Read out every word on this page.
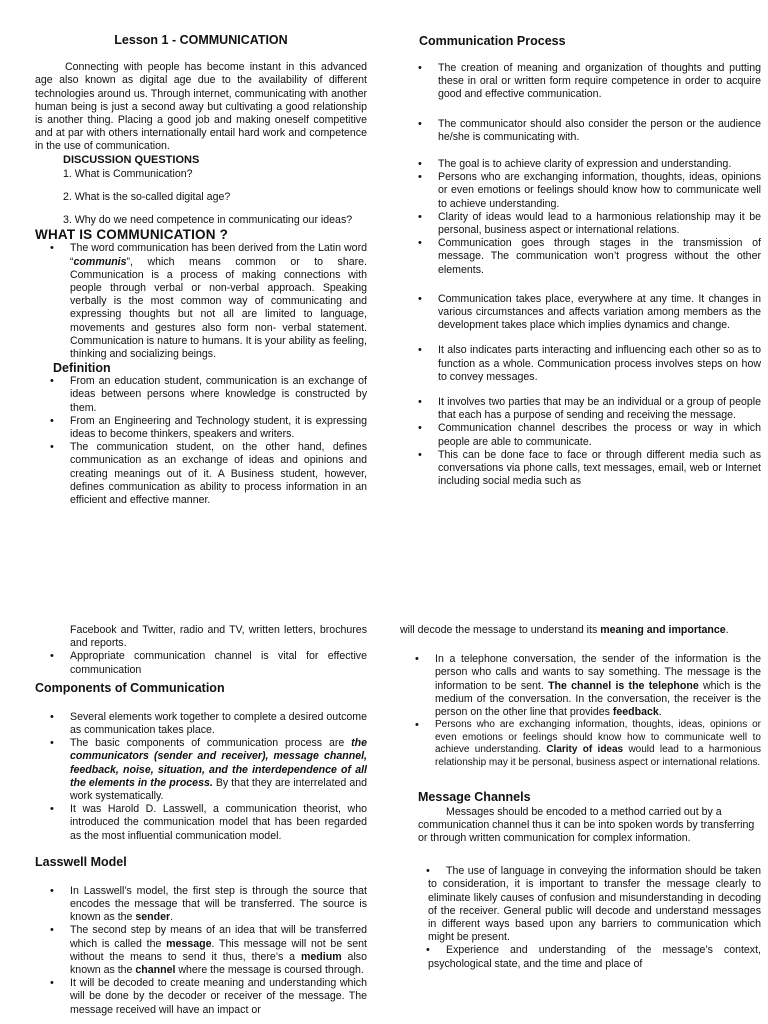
Lesson 1 - COMMUNICATION

Connecting with people has become instant in this advanced age also known as digital age due to the availability of different technologies around us. Through internet, communicating with another human being is just a second away but cultivating a good relationship is another thing. Placing a good job and making oneself competitive and at par with others internationally entail hard work and competence in the use of communication.

DISCUSSION QUESTIONS

1. What is Communication?

2. What is the so-called digital age?

3. Why do we need competence in communicating our ideas?

WHAT IS COMMUNICATION ?
• The word communication has been derived from the Latin word “communis”, which means common or to share. Communication is a process of making connections with people through verbal or non-verbal approach. Speaking verbally is the most common way of communicating and expressing thoughts but not all are limited to language, movements and gestures also form non- verbal statement. Communication is nature to humans. It is your ability as feeling, thinking and socializing beings.
Definition
• From an education student, communication is an exchange of ideas between persons where knowledge is constructed by them.
• From an Engineering and Technology student, it is expressing ideas to become thinkers, speakers and writers.
• The communication student, on the other hand, defines communication as an exchange of ideas and opinions and creating meanings out of it. A Business student, however, defines communication as ability to process information in an efficient and effective manner.
Communication Process
• The creation of meaning and organization of thoughts and putting these in oral or written form require competence in order to acquire good and effective communication.
• The communicator should also consider the person or the audience he/she is communicating with.
• The goal is to achieve clarity of expression and understanding.
• Persons who are exchanging information, thoughts, ideas, opinions or even emotions or feelings should know how to communicate well to achieve understanding.
• Clarity of ideas would lead to a harmonious relationship may it be personal, business aspect or international relations.
• Communication goes through stages in the transmission of message. The communication won’t progress without the other elements.
• Communication takes place, everywhere at any time. It changes in various circumstances and affects variation among members as the development takes place which implies dynamics and change.
• It also indicates parts interacting and influencing each other so as to function as a whole. Communication process involves steps on how to convey messages.
• It involves two parties that may be an individual or a group of people that each has a purpose of sending and receiving the message.
• Communication channel describes the process or way in which people are able to communicate.
• This can be done face to face or through different media such as conversations via phone calls, text messages, email, web or Internet including social media such as

Facebook and Twitter, radio and TV, written letters, brochures and reports.

• Appropriate communication channel is vital for effective communication
Components of Communication
• Several elements work together to complete a desired outcome as communication takes place.
• The basic components of communication process are the communicators (sender and receiver), message channel, feedback, noise, situation, and the interdependence of all the elements in the process. By that they are interrelated and work systematically.
• It was Harold D. Lasswell, a communication theorist, who introduced the communication model that has been regarded as the most influential communication model.
Lasswell Model
• In Lasswell’s model, the first step is through the source that encodes the message that will be transferred. The source is known as the sender.
• The second step by means of an idea that will be transferred which is called the message. This message will not be sent without the means to send it thus, there’s a medium also known as the channel where the message is coursed through.
• It will be decoded to create meaning and understanding which will be done by the decoder or receiver of the message. The message received will have an impact or

will decode the message to understand its meaning and importance.

• In a telephone conversation, the sender of the information is the person who calls and wants to say something. The message is the information to be sent. The channel is the telephone which is the medium of the conversation. In the conversation, the receiver is the person on the other line that provides feedback.
• Persons who are exchanging information, thoughts, ideas, opinions or even emotions or feelings should know how to communicate well to achieve understanding. Clarity of ideas would lead to a harmonious relationship may it be personal, business aspect or international relations.
Message Channels

Messages should be encoded to a method carried out by a communication channel thus it can be into spoken words by transferring or through written communication for complex information.

• The use of language in conveying the information should be taken to consideration, it is important to transfer the message clearly to eliminate likely causes of confusion and misunderstanding in decoding of the receiver. General public will decode and understand messages in different ways based upon any barriers to communication which might be present.
• Experience and understanding of the message’s context, psychological state, and the time and place of
